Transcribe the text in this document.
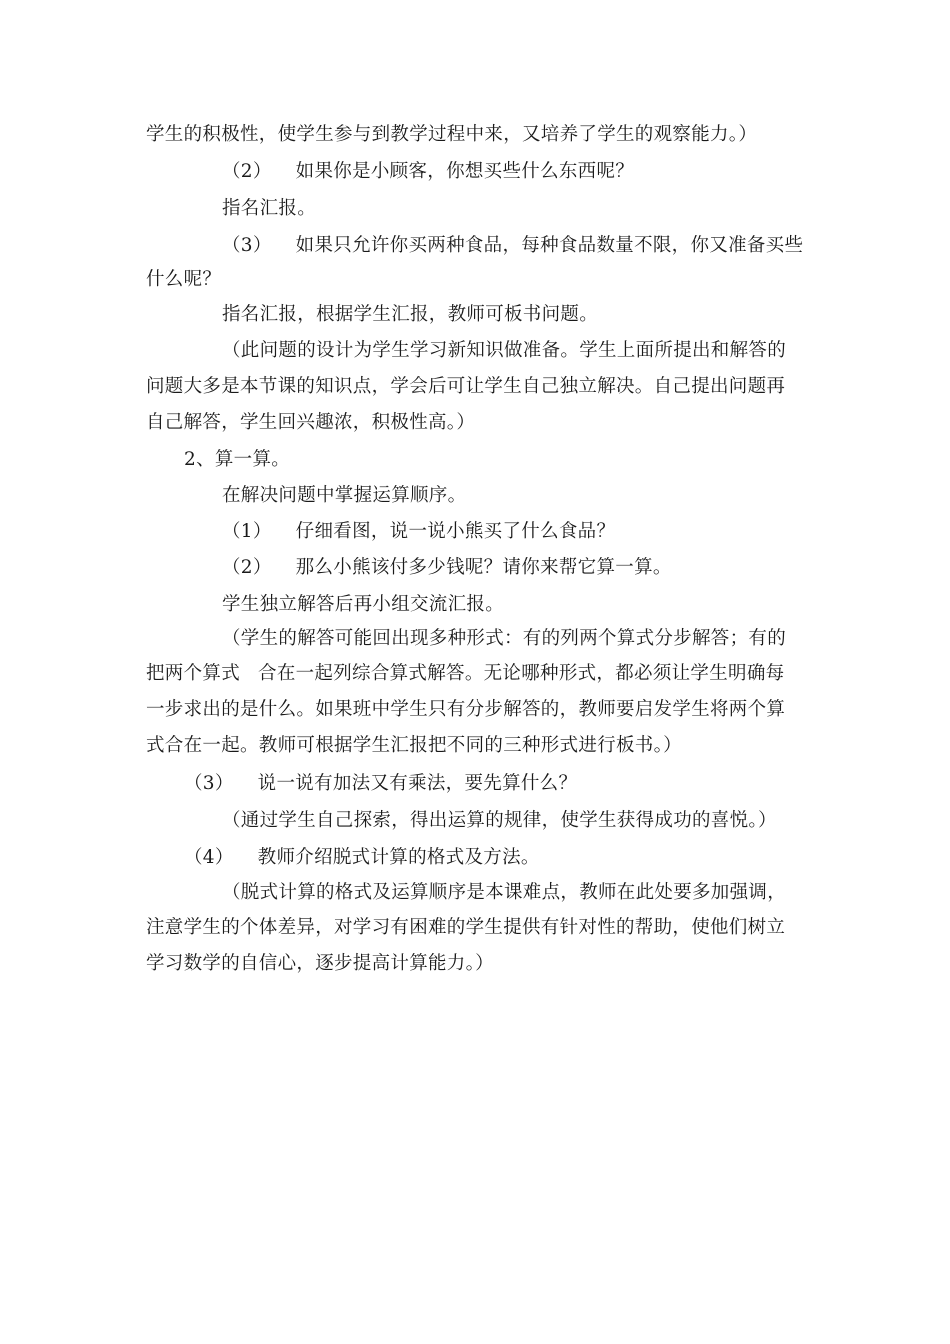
学生的积极性，使学生参与到教学过程中来，又培养了学生的观察能力。）
（2） 如果你是小顾客，你想买些什么东西呢？
指名汇报。
（3） 如果只允许你买两种食品，每种食品数量不限，你又准备买些
什么呢？
指名汇报，根据学生汇报，教师可板书问题。
（此问题的设计为学生学习新知识做准备。学生上面所提出和解答的
问题大多是本节课的知识点，学会后可让学生自己独立解决。自己提出问题再
自己解答，学生回兴趣浓，积极性高。）
2、算一算。
在解决问题中掌握运算顺序。
（1） 仔细看图，说一说小熊买了什么食品？
（2） 那么小熊该付多少钱呢？请你来帮它算一算。
学生独立解答后再小组交流汇报。
（学生的解答可能回出现多种形式：有的列两个算式分步解答；有的
把两个算式 合在一起列综合算式解答。无论哪种形式，都必须让学生明确每
一步求出的是什么。如果班中学生只有分步解答的，教师要启发学生将两个算
式合在一起。教师可根据学生汇报把不同的三种形式进行板书。）
（3） 说一说有加法又有乘法，要先算什么？
（通过学生自己探索，得出运算的规律，使学生获得成功的喜悦。）
（4） 教师介绍脱式计算的格式及方法。
（脱式计算的格式及运算顺序是本课难点，教师在此处要多加强调，
注意学生的个体差异，对学习有困难的学生提供有针对性的帮助，使他们树立
学习数学的自信心，逐步提高计算能力。）
